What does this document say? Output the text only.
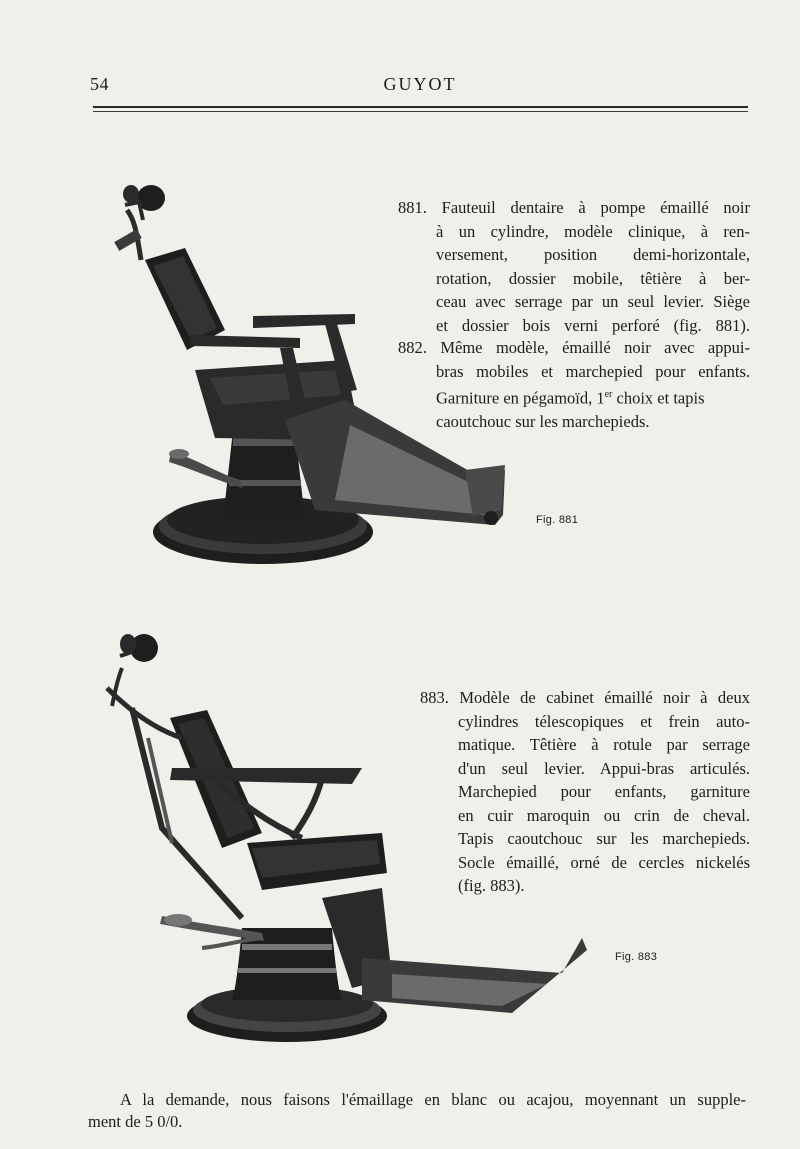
54	GUYOT
881. Fauteuil dentaire à pompe émaillé noir
à un cylindre, modèle clinique, à ren-
versement, position demi-horizontale,
rotation, dossier mobile, têtière à ber-
ceau avec serrage par un seul levier. Siège
et dossier bois verni perforé (fig. 881).
882. Même modèle, émaillé noir avec appui-
bras mobiles et marchepied pour enfants.
Garniture en pégamoïd, 1er choix et tapis
caoutchouc sur les marchepieds.
883. Modèle de cabinet émaillé noir à deux
cylindres télescopiques et frein auto-
matique. Têtière à rotule par serrage
d'un seul levier. Appui-bras articulés.
Marchepied pour enfants, garniture
en cuir maroquin ou crin de cheval.
Tapis caoutchouc sur les marchepieds.
Socle émaillé, orné de cercles nickelés
(fig. 883).
Fig. 881
Fig. 883
A la demande, nous faisons l'émaillage en blanc ou acajou, moyennant un supple-
ment de 5 0/0.
